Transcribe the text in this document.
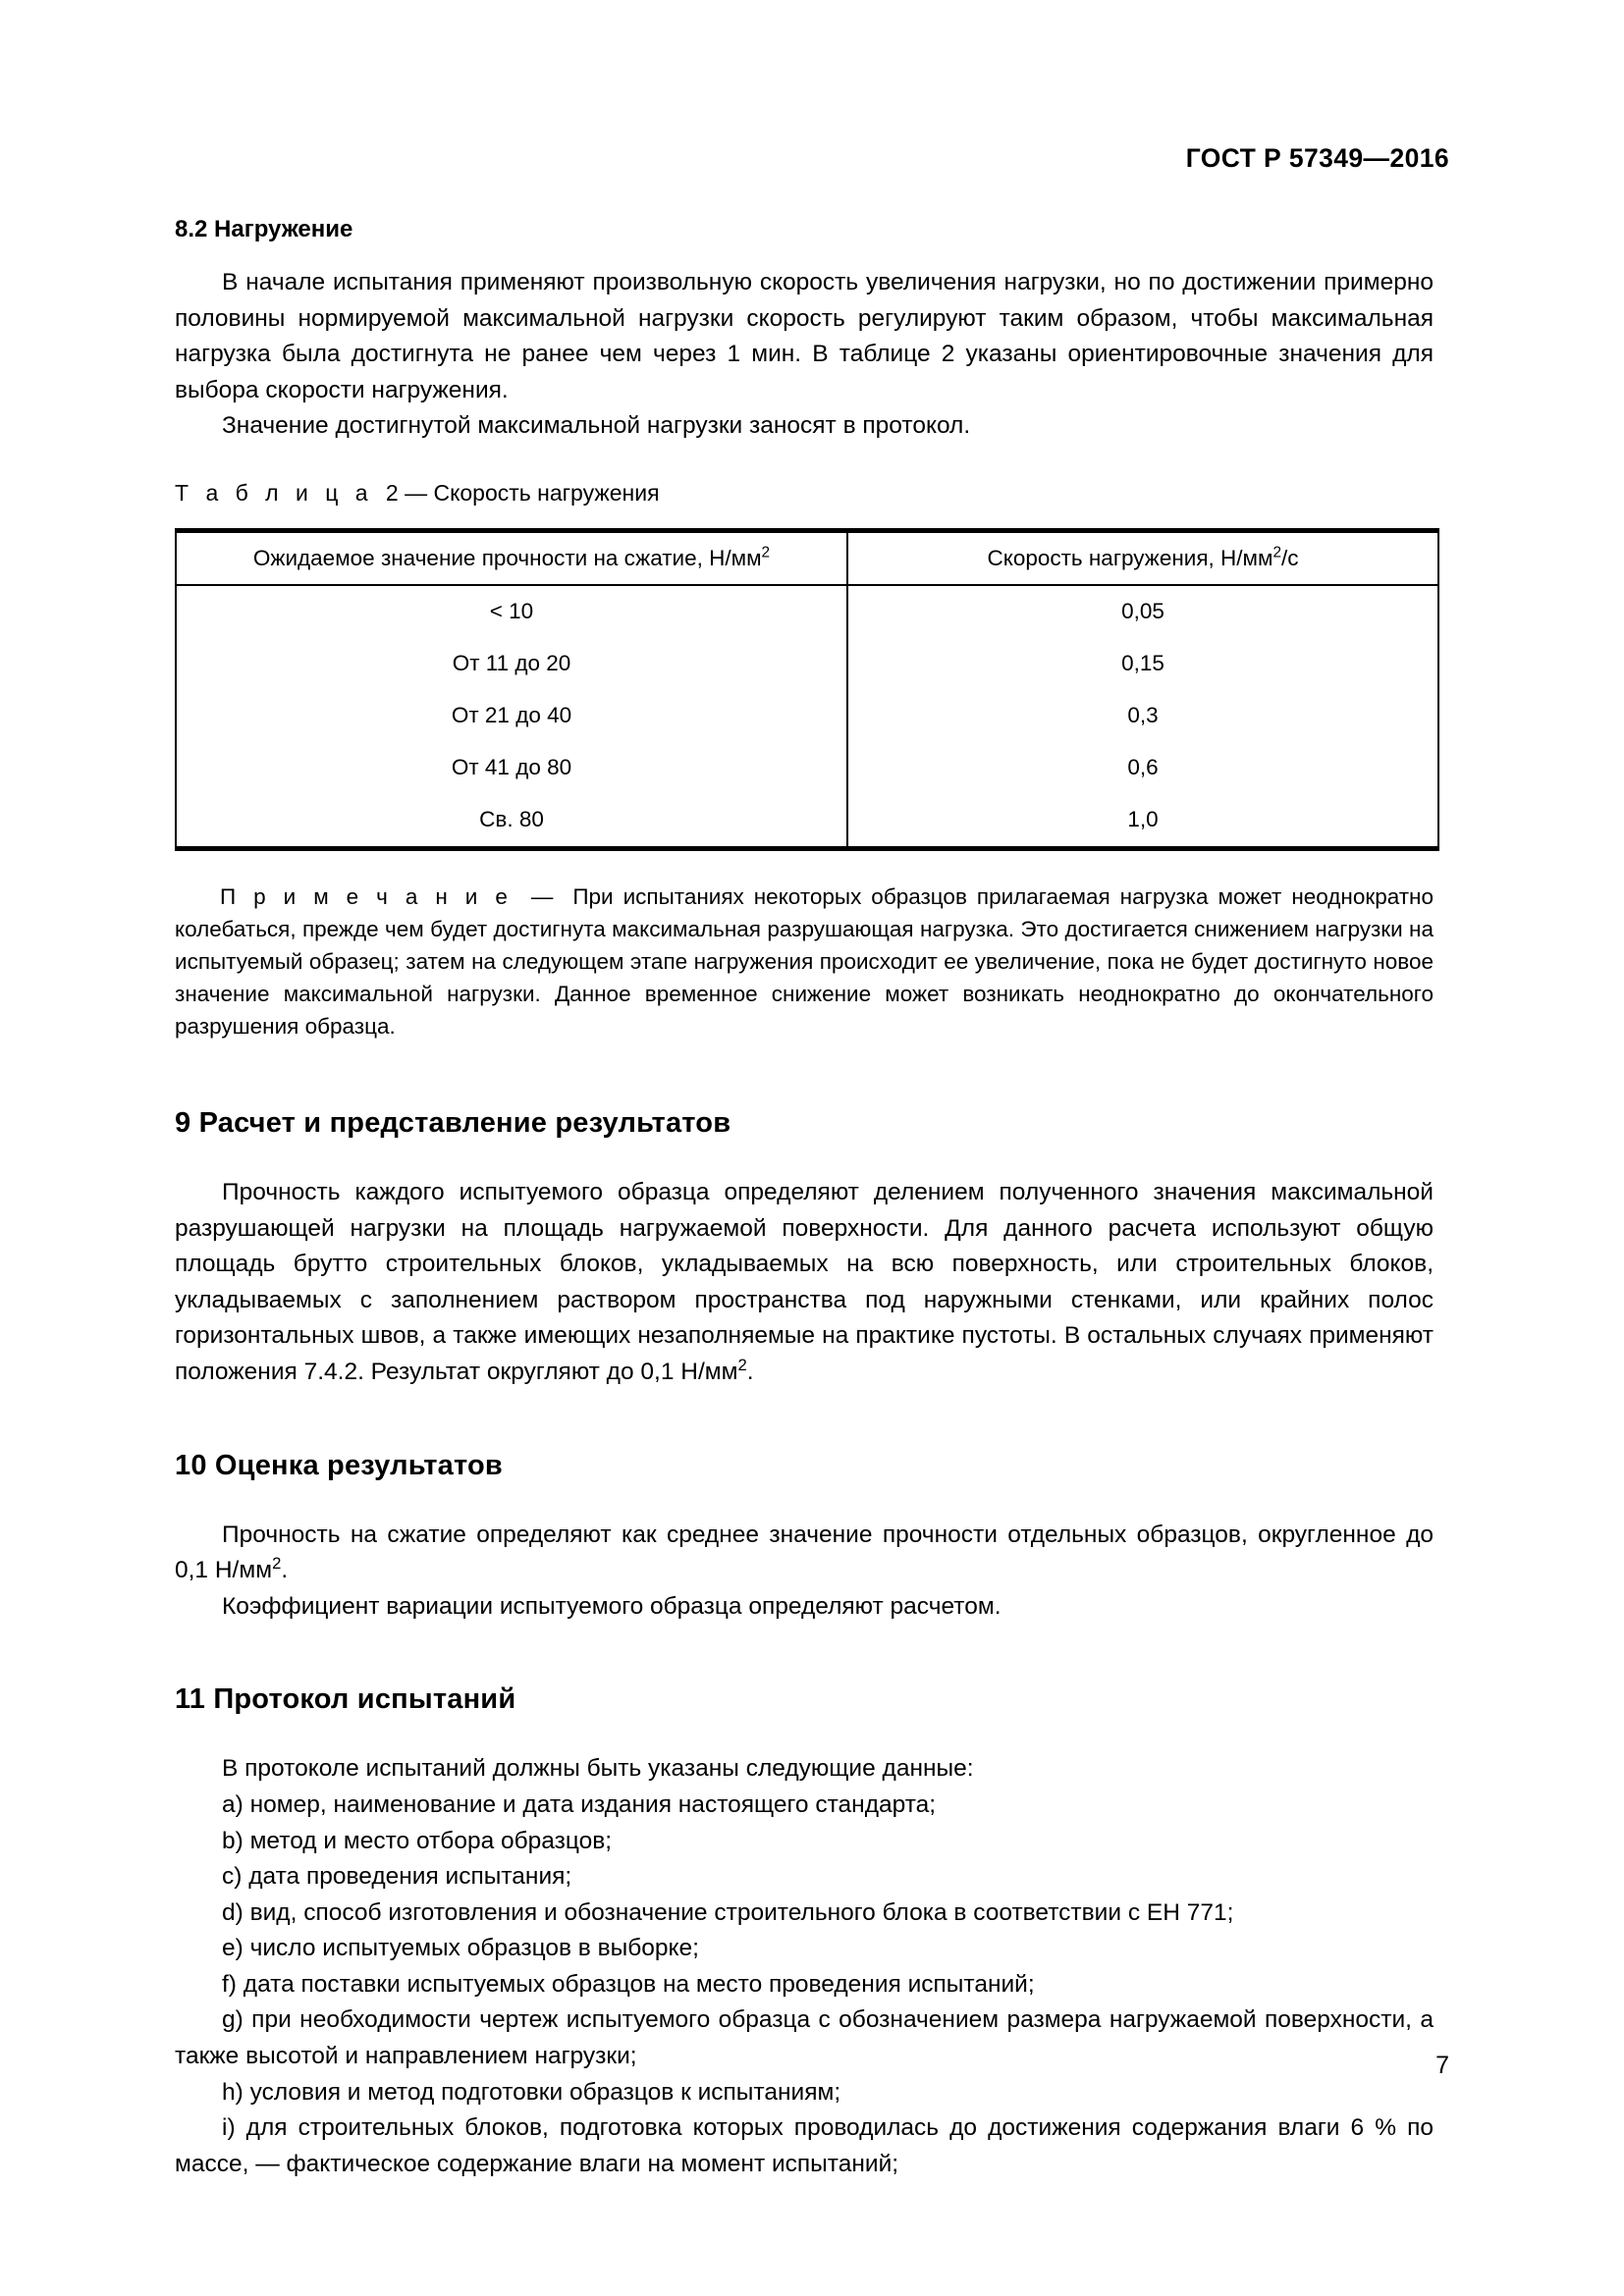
ГОСТ Р 57349—2016
8.2 Нагружение

В начале испытания применяют произвольную скорость увеличения нагрузки, но по достижении примерно половины нормируемой максимальной нагрузки скорость регулируют таким образом, чтобы максимальная нагрузка была достигнута не ранее чем через 1 мин. В таблице 2 указаны ориентировочные значения для выбора скорости нагружения.

Значение достигнутой максимальной нагрузки заносят в протокол.

Т а б л и ц а 2 — Скорость нагружения
Ожидаемое значение прочности на сжатие, $Н/мм^2$	Скорость нагружения, $Н/мм^2/с$
< 10	0,05
От 11 до 20	0,15
От 21 до 40	0,3
От 41 до 80	0,6
Св. 80	1,0

П р и м е ч а н и е — При испытаниях некоторых образцов прилагаемая нагрузка может неоднократно колебаться, прежде чем будет достигнута максимальная разрушающая нагрузка. Это достигается снижением нагрузки на испытуемый образец; затем на следующем этапе нагружения происходит ее увеличение, пока не будет достигнуто новое значение максимальной нагрузки. Данное временное снижение может возникать неоднократно до окончательного разрушения образца.

9 Расчет и представление результатов

Прочность каждого испытуемого образца определяют делением полученного значения максимальной разрушающей нагрузки на площадь нагружаемой поверхности. Для данного расчета используют общую площадь брутто строительных блоков, укладываемых на всю поверхность, или строительных блоков, укладываемых с заполнением раствором пространства под наружными стенками, или крайних полос горизонтальных швов, а также имеющих незаполняемые на практике пустоты. В остальных случаях применяют положения 7.4.2. Результат округляют до 0,1 $Н/мм^2$.

10 Оценка результатов

Прочность на сжатие определяют как среднее значение прочности отдельных образцов, округленное до 0,1 $Н/мм^2$.

Коэффициент вариации испытуемого образца определяют расчетом.

11 Протокол испытаний

В протоколе испытаний должны быть указаны следующие данные:

a) номер, наименование и дата издания настоящего стандарта;

b) метод и место отбора образцов;

c) дата проведения испытания;

d) вид, способ изготовления и обозначение строительного блока в соответствии с ЕН 771;

e) число испытуемых образцов в выборке;

f) дата поставки испытуемых образцов на место проведения испытаний;

g) при необходимости чертеж испытуемого образца с обозначением размера нагружаемой поверхности, а также высотой и направлением нагрузки;

h) условия и метод подготовки образцов к испытаниям;

i) для строительных блоков, подготовка которых проводилась до достижения содержания влаги 6 % по массе, — фактическое содержание влаги на момент испытаний;

7
